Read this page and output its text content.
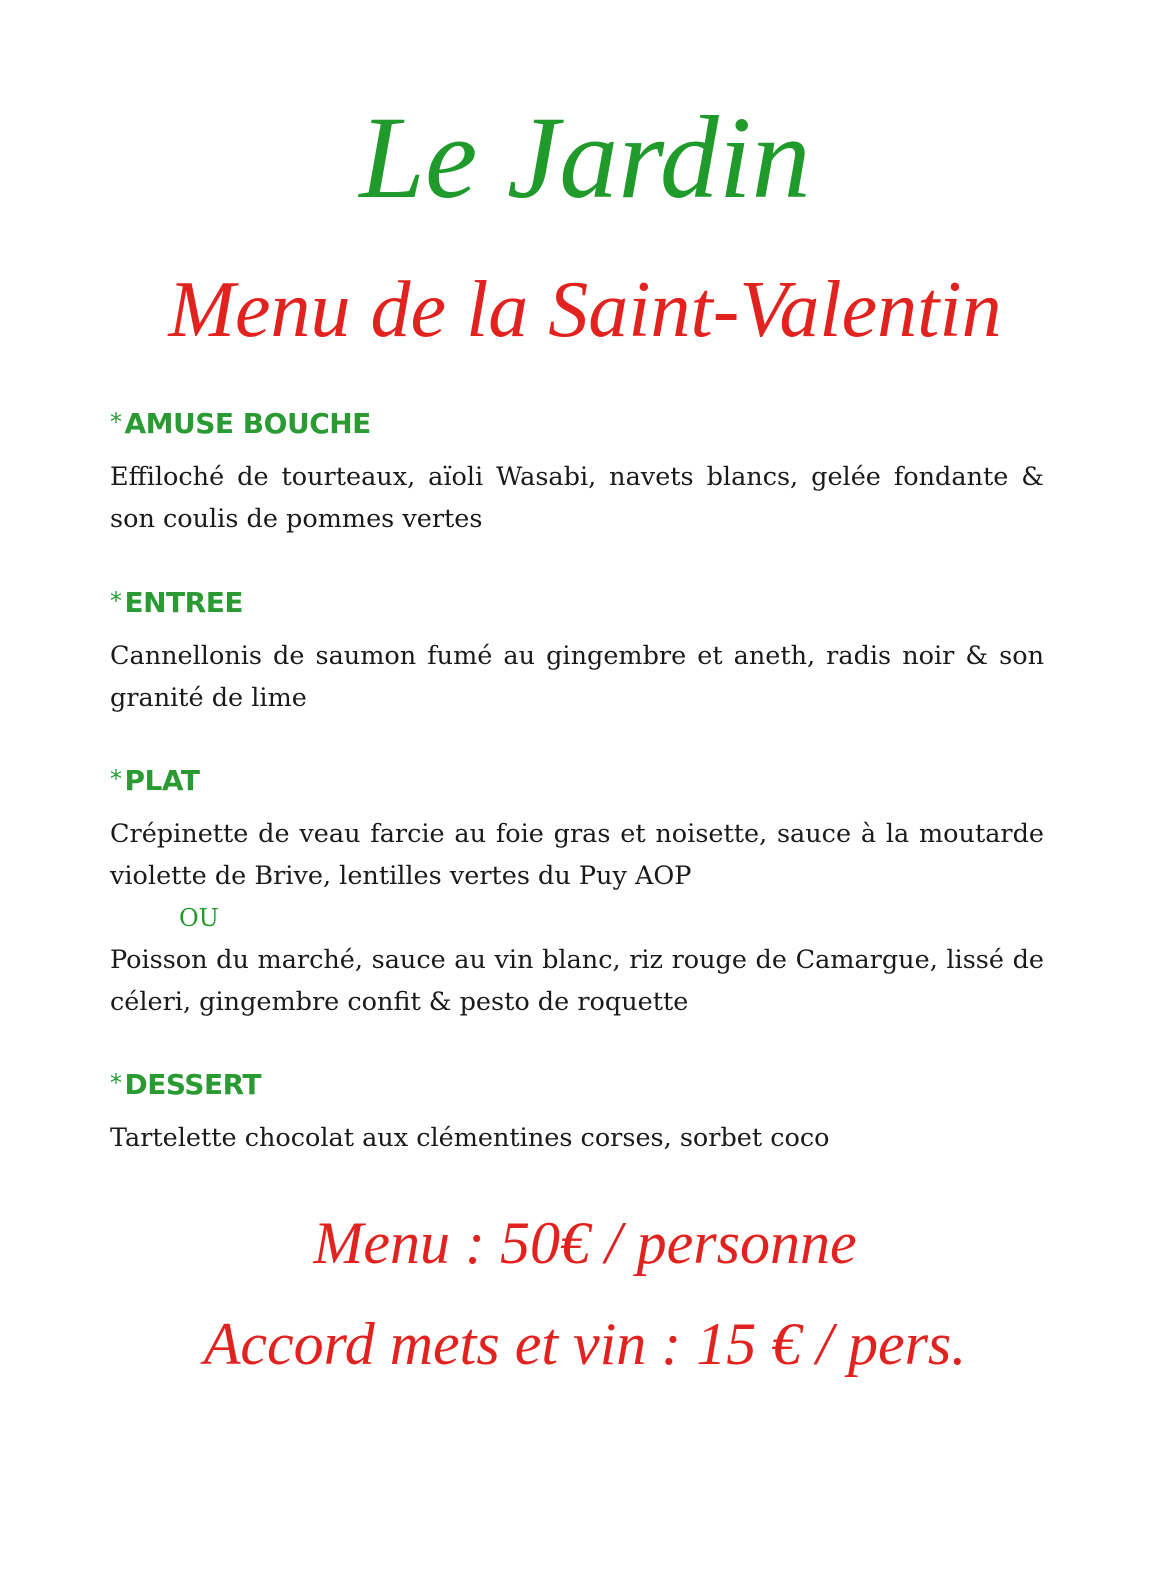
Le Jardin
Menu de la Saint-Valentin
* AMUSE BOUCHE

Effiloché de tourteaux, aïoli Wasabi, navets blancs, gelée fondante & son coulis de pommes vertes

* ENTREE

Cannellonis de saumon fumé au gingembre et aneth, radis noir & son granité de lime

* PLAT

Crépinette de veau farcie au foie gras et noisette, sauce à la moutarde violette de Brive, lentilles vertes du Puy AOP

OU

Poisson du marché, sauce au vin blanc, riz rouge de Camargue, lissé de céleri, gingembre confit & pesto de roquette

* DESSERT

Tartelette chocolat aux clémentines corses, sorbet coco

Menu : 50€ / personne
Accord mets et vin : 15 € / pers.
